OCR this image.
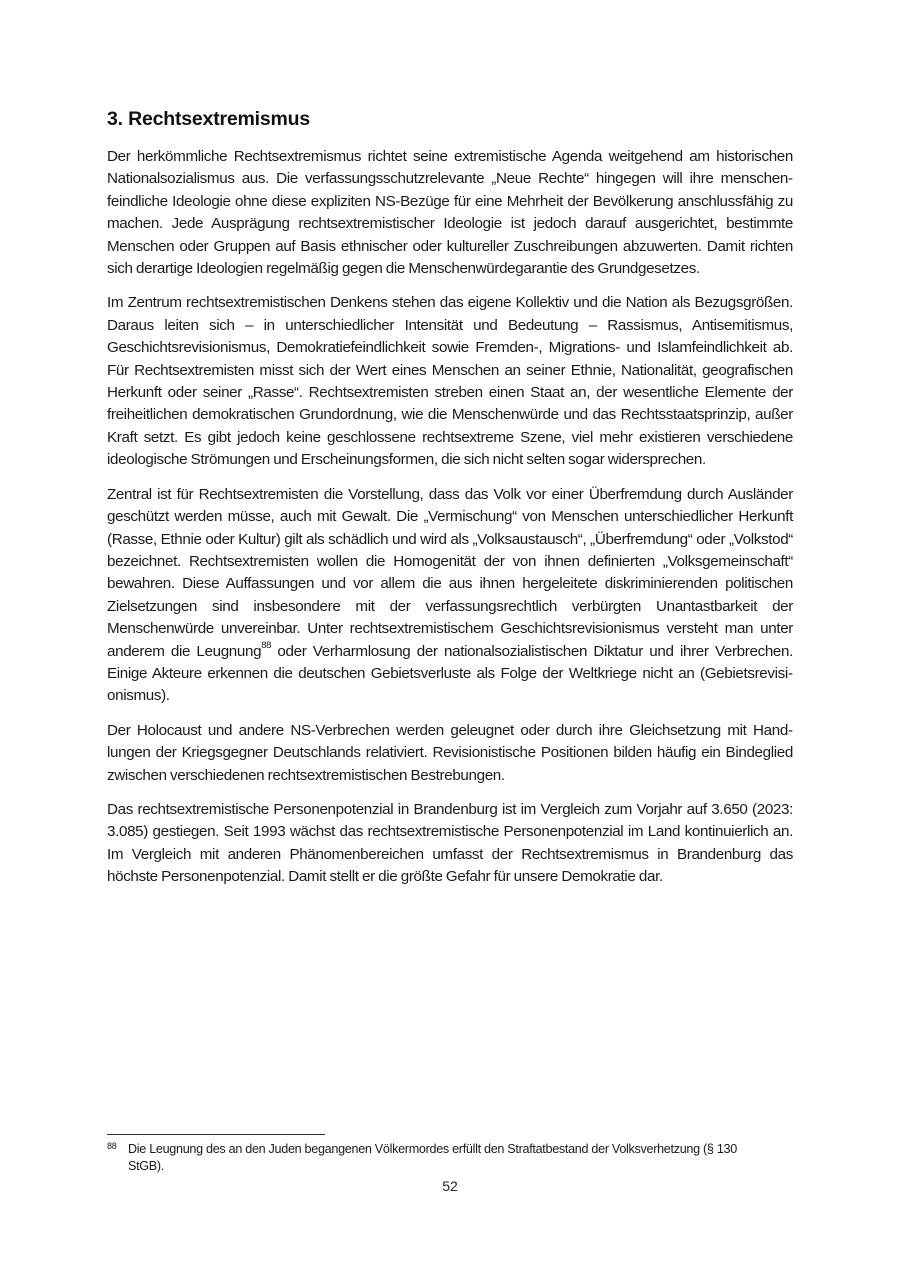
3. Rechtsextremismus

Der herkömmliche Rechtsextremismus richtet seine extremistische Agenda weitgehend am historischen Nationalsozialismus aus. Die verfassungsschutzrelevante „Neue Rechte“ hingegen will ihre menschenfeindliche Ideologie ohne diese expliziten NS-Bezüge für eine Mehrheit der Bevölkerung anschlussfähig zu machen. Jede Ausprägung rechtsextremistischer Ideologie ist jedoch darauf ausgerichtet, bestimmte Menschen oder Gruppen auf Basis ethnischer oder kultureller Zuschreibungen abzuwerten. Damit richten sich derartige Ideologien regelmäßig gegen die Menschenwürdegarantie des Grundgesetzes.

Im Zentrum rechtsextremistischen Denkens stehen das eigene Kollektiv und die Nation als Bezugsgrößen. Daraus leiten sich – in unterschiedlicher Intensität und Bedeutung – Rassismus, Antisemitismus, Geschichtsrevisionismus, Demokratiefeindlichkeit sowie Fremden-, Migrations- und Islamfeindlichkeit ab. Für Rechtsextremisten misst sich der Wert eines Menschen an seiner Ethnie, Nationalität, geografischen Herkunft oder seiner „Rasse“. Rechtsextremisten streben einen Staat an, der wesentliche Elemente der freiheitlichen demokratischen Grundordnung, wie die Menschenwürde und das Rechtsstaatsprinzip, außer Kraft setzt. Es gibt jedoch keine geschlossene rechtsextreme Szene, viel mehr existieren verschiedene ideologische Strömungen und Erscheinungsformen, die sich nicht selten sogar widersprechen.

Zentral ist für Rechtsextremisten die Vorstellung, dass das Volk vor einer Überfremdung durch Ausländer geschützt werden müsse, auch mit Gewalt. Die „Vermischung“ von Menschen unterschiedlicher Herkunft (Rasse, Ethnie oder Kultur) gilt als schädlich und wird als „Volksaustausch“, „Überfremdung“ oder „Volkstod“ bezeichnet. Rechtsextremisten wollen die Homogenität der von ihnen definierten „Volksgemeinschaft“ bewahren. Diese Auffassungen und vor allem die aus ihnen hergeleitete diskriminierenden politischen Zielsetzungen sind insbesondere mit der verfassungsrechtlich verbürgten Unantastbarkeit der Menschenwürde unvereinbar. Unter rechtsextremistischem Geschichtsrevisionismus versteht man unter anderem die Leugnung$^{88}$ oder Verharmlosung der nationalsozialistischen Diktatur und ihrer Verbrechen. Einige Akteure erkennen die deutschen Gebietsverluste als Folge der Weltkriege nicht an (Gebietsrevisionismus).

Der Holocaust und andere NS-Verbrechen werden geleugnet oder durch ihre Gleichsetzung mit Handlungen der Kriegsgegner Deutschlands relativiert. Revisionistische Positionen bilden häufig ein Bindeglied zwischen verschiedenen rechtsextremistischen Bestrebungen.

Das rechtsextremistische Personenpotenzial in Brandenburg ist im Vergleich zum Vorjahr auf 3.650 (2023: 3.085) gestiegen. Seit 1993 wächst das rechtsextremistische Personenpotenzial im Land kontinuierlich an. Im Vergleich mit anderen Phänomenbereichen umfasst der Rechtsextremismus in Brandenburg das höchste Personenpotenzial. Damit stellt er die größte Gefahr für unsere Demokratie dar.

88 Die Leugnung des an den Juden begangenen Völkermordes erfüllt den Straftatbestand der Volksverhetzung (§ 130 StGB).
52
